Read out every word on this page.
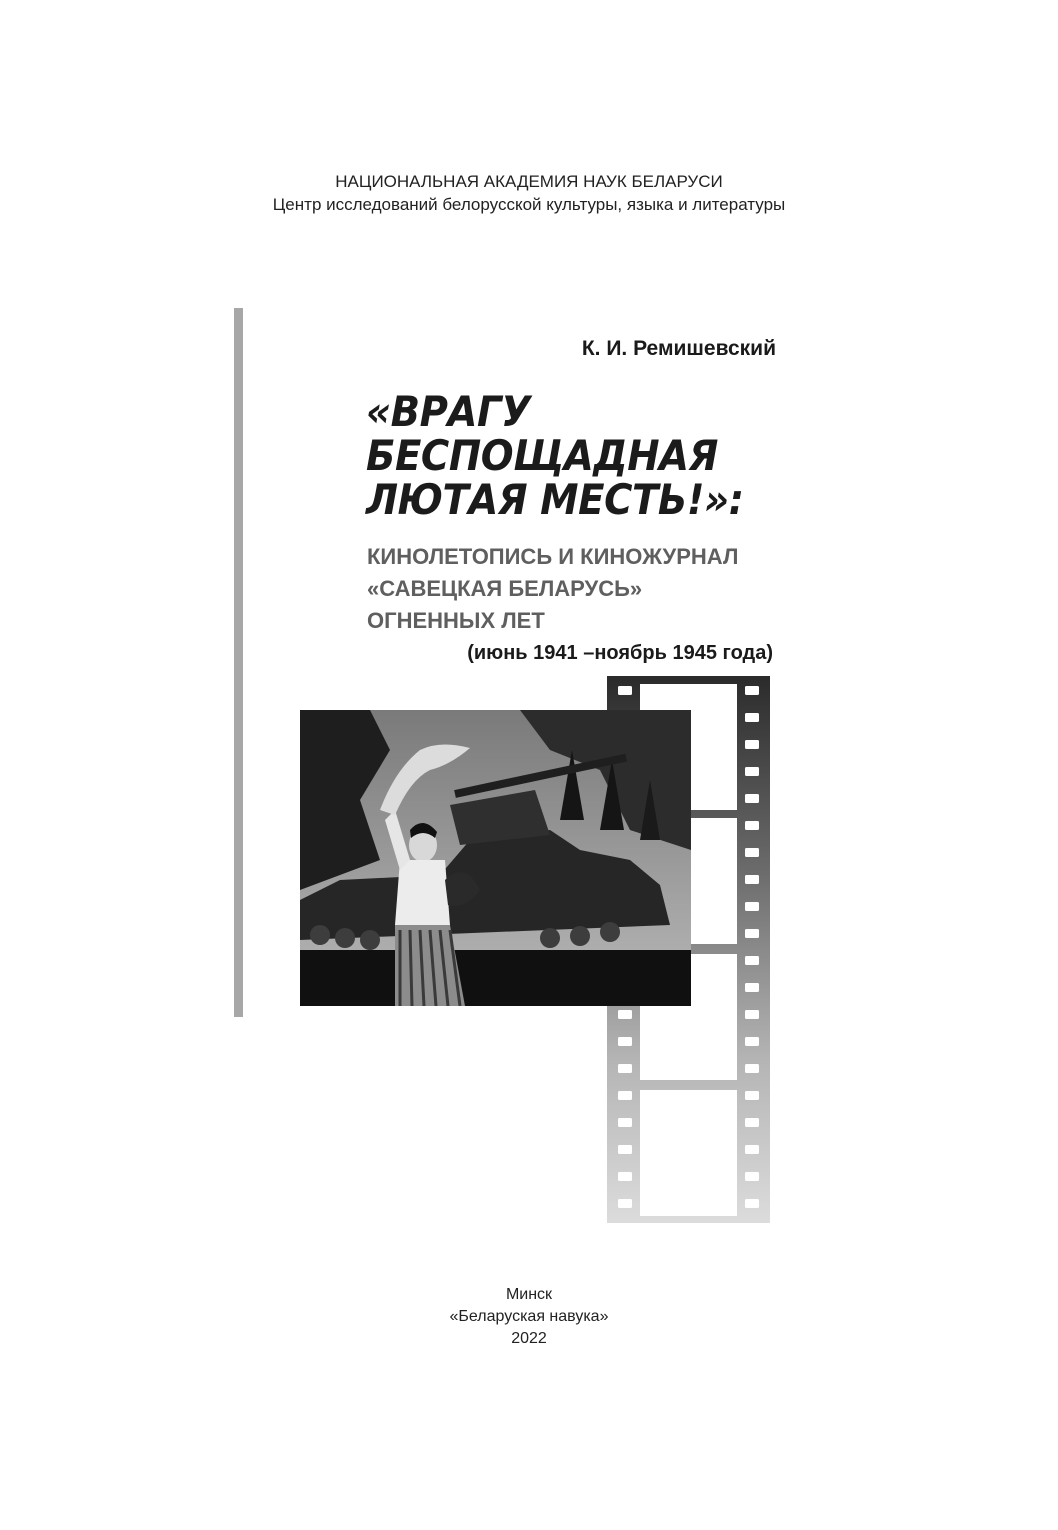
НАЦИОНАЛЬНАЯ АКАДЕМИЯ НАУК БЕЛАРУСИ
Центр исследований белорусской культуры, языка и литературы
К. И. Ремишевский
«ВРАГУ
БЕСПОЩАДНАЯ
ЛЮТАЯ МЕСТЬ!»:
КИНОЛЕТОПИСЬ И КИНОЖУРНАЛ
«САВЕЦКАЯ БЕЛАРУСЬ»
ОГНЕННЫХ ЛЕТ
(июнь 1941 –ноябрь 1945 года)
Минск
«Беларуская навука»
2022
